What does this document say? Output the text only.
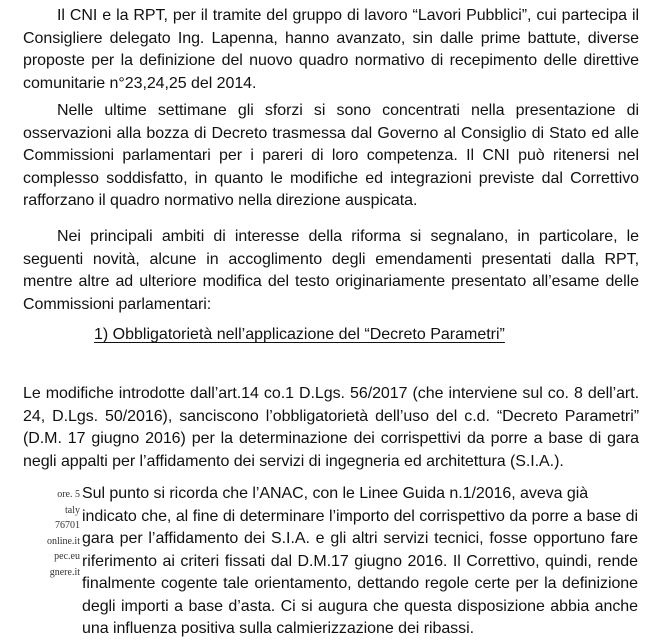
Il CNI e la RPT, per il tramite del gruppo di lavoro “Lavori Pubblici”, cui partecipa il Consigliere delegato Ing. Lapenna, hanno avanzato, sin dalle prime battute, diverse proposte per la definizione del nuovo quadro normativo di recepimento delle direttive comunitarie n°23,24,25 del 2014.

Nelle ultime settimane gli sforzi si sono concentrati nella presentazione di osservazioni alla bozza di Decreto trasmessa dal Governo al Consiglio di Stato ed alle Commissioni parlamentari per i pareri di loro competenza. Il CNI può ritenersi nel complesso soddisfatto, in quanto le modifiche ed integrazioni previste dal Correttivo rafforzano il quadro normativo nella direzione auspicata.

Nei principali ambiti di interesse della riforma si segnalano, in particolare, le seguenti novità, alcune in accoglimento degli emendamenti presentati dalla RPT, mentre altre ad ulteriore modifica del testo originariamente presentato all’esame delle Commissioni parlamentari:

1) Obbligatorietà nell’applicazione del “Decreto Parametri”

Le modifiche introdotte dall’art.14 co.1 D.Lgs. 56/2017 (che interviene sul co. 8 dell’art. 24, D.Lgs. 50/2016), sanciscono l’obbligatorietà dell’uso del c.d. “Decreto Parametri” (D.M. 17 giugno 2016) per la determinazione dei corrispettivi da porre a base di gara negli appalti per l’affidamento dei servizi di ingegneria ed architettura (S.I.A.).

Sul punto si ricorda che l’ANAC, con le Linee Guida n.1/2016, aveva già
indicato che, al fine di determinare l’importo del corrispettivo da porre a base di gara per l’affidamento dei S.I.A. e gli altri servizi tecnici, fosse opportuno fare riferimento ai criteri fissati dal D.M.17 giugno 2016. Il Correttivo, quindi, rende finalmente cogente tale orientamento, dettando regole certe per la definizione degli importi a base d’asta. Ci si augura che questa disposizione abbia anche una influenza positiva sulla calmierizzazione dei ribassi.

ore. 5
taly
76701
online.it
pec.eu
gnere.it
